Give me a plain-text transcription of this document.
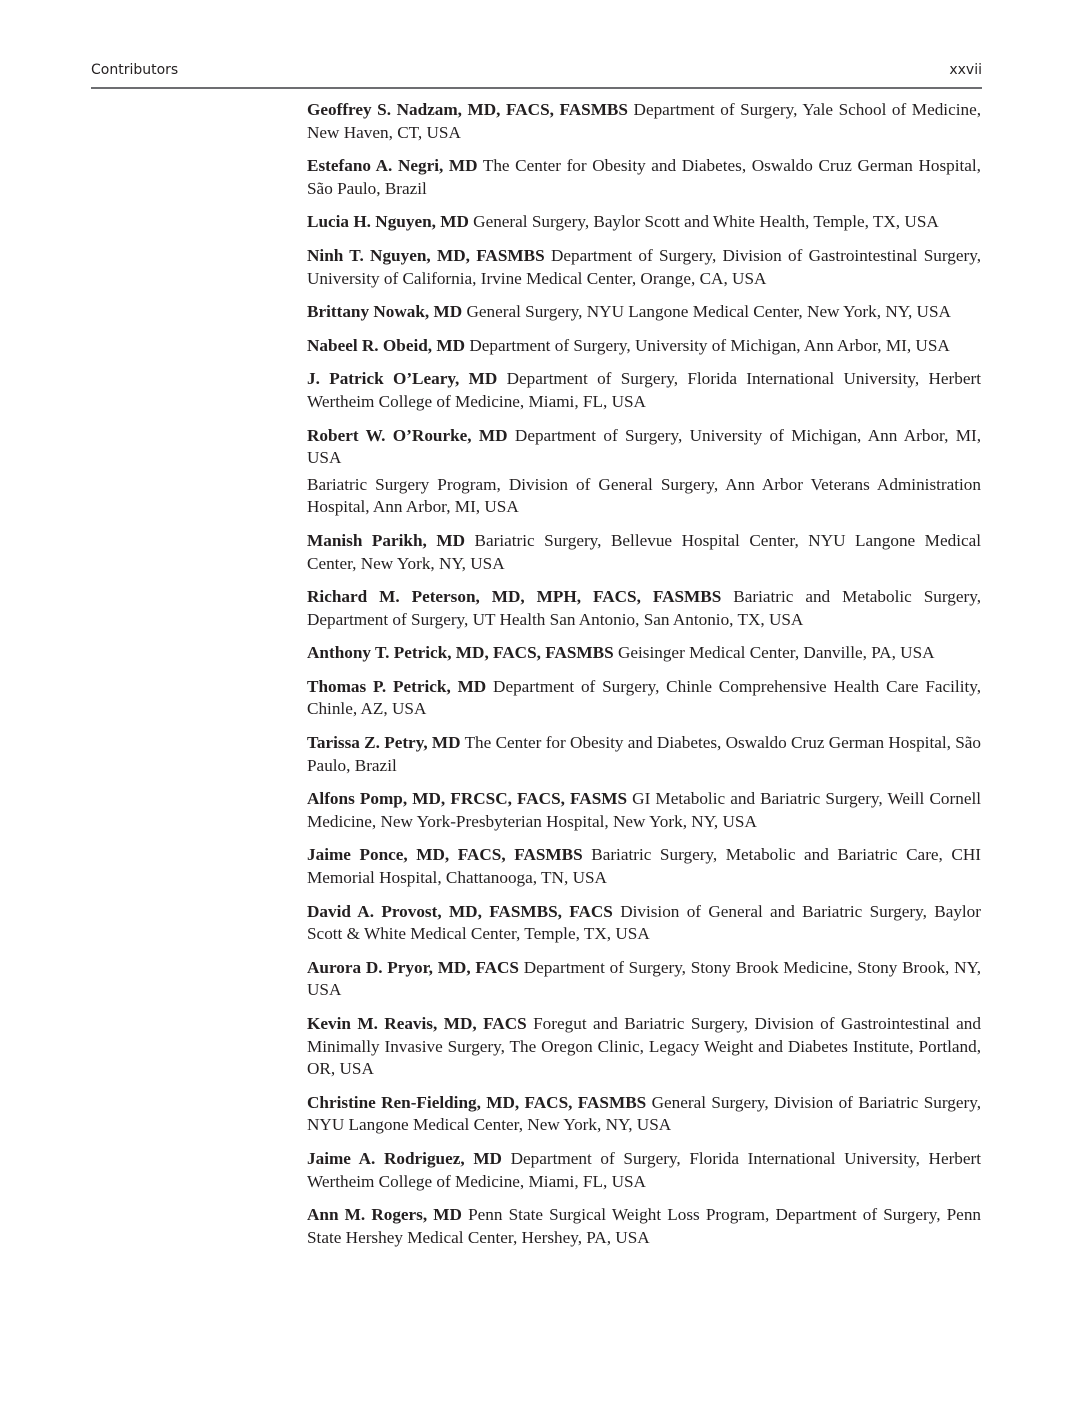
Contributors	xxvii

Geoffrey S. Nadzam, MD, FACS, FASMBS Department of Surgery, Yale School of Medicine, New Haven, CT, USA

Estefano A. Negri, MD The Center for Obesity and Diabetes, Oswaldo Cruz German Hospital, São Paulo, Brazil

Lucia H. Nguyen, MD General Surgery, Baylor Scott and White Health, Temple, TX, USA

Ninh T. Nguyen, MD, FASMBS Department of Surgery, Division of Gastrointestinal Surgery, University of California, Irvine Medical Center, Orange, CA, USA

Brittany Nowak, MD General Surgery, NYU Langone Medical Center, New York, NY, USA

Nabeel R. Obeid, MD Department of Surgery, University of Michigan, Ann Arbor, MI, USA

J. Patrick O’Leary, MD Department of Surgery, Florida International University, Herbert Wertheim College of Medicine, Miami, FL, USA

Robert W. O’Rourke, MD Department of Surgery, University of Michigan, Ann Arbor, MI, USA
Bariatric Surgery Program, Division of General Surgery, Ann Arbor Veterans Administration Hospital, Ann Arbor, MI, USA

Manish Parikh, MD Bariatric Surgery, Bellevue Hospital Center, NYU Langone Medical Center, New York, NY, USA

Richard M. Peterson, MD, MPH, FACS, FASMBS Bariatric and Metabolic Surgery, Department of Surgery, UT Health San Antonio, San Antonio, TX, USA

Anthony T. Petrick, MD, FACS, FASMBS Geisinger Medical Center, Danville, PA, USA

Thomas P. Petrick, MD Department of Surgery, Chinle Comprehensive Health Care Facility, Chinle, AZ, USA

Tarissa Z. Petry, MD The Center for Obesity and Diabetes, Oswaldo Cruz German Hospital, São Paulo, Brazil

Alfons Pomp, MD, FRCSC, FACS, FASMS GI Metabolic and Bariatric Surgery, Weill Cornell Medicine, New York-Presbyterian Hospital, New York, NY, USA

Jaime Ponce, MD, FACS, FASMBS Bariatric Surgery, Metabolic and Bariatric Care, CHI Memorial Hospital, Chattanooga, TN, USA

David A. Provost, MD, FASMBS, FACS Division of General and Bariatric Surgery, Baylor Scott & White Medical Center, Temple, TX, USA

Aurora D. Pryor, MD, FACS Department of Surgery, Stony Brook Medicine, Stony Brook, NY, USA

Kevin M. Reavis, MD, FACS Foregut and Bariatric Surgery, Division of Gastrointestinal and Minimally Invasive Surgery, The Oregon Clinic, Legacy Weight and Diabetes Institute, Portland, OR, USA

Christine Ren-Fielding, MD, FACS, FASMBS General Surgery, Division of Bariatric Surgery, NYU Langone Medical Center, New York, NY, USA

Jaime A. Rodriguez, MD Department of Surgery, Florida International University, Herbert Wertheim College of Medicine, Miami, FL, USA

Ann M. Rogers, MD Penn State Surgical Weight Loss Program, Department of Surgery, Penn State Hershey Medical Center, Hershey, PA, USA
